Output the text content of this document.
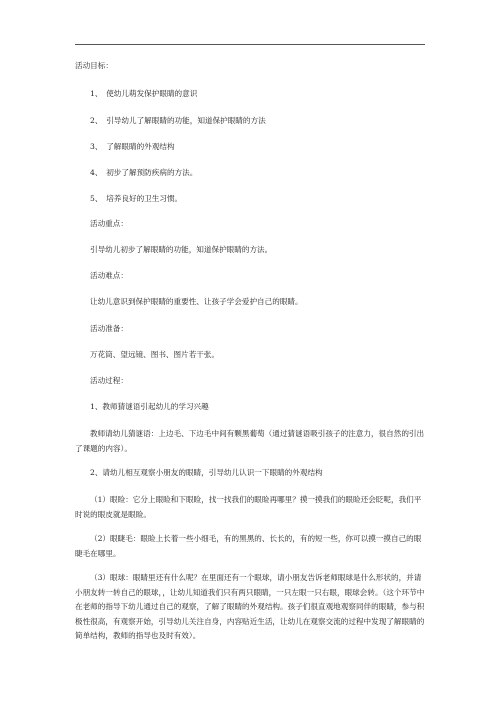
活动目标：
1、　使幼儿萌发保护眼睛的意识
2、　引导幼儿了解眼睛的功能，知道保护眼睛的方法
3、　了解眼睛的外观结构
4、　初步了解预防疾病的方法。
5、　培养良好的卫生习惯。
活动重点：
引导幼儿初步了解眼睛的功能，知道保护眼睛的方法。
活动难点：
让幼儿意识到保护眼睛的重要性、让孩子学会爱护自己的眼睛。
活动准备：
万花筒、望远镜、图书、图片若干张。
活动过程：
1、教师猜谜语引起幼儿的学习兴趣
教师请幼儿猜谜语：上边毛、下边毛中间有颗黑葡萄（通过猜谜语吸引孩子的注意力，很自然的引出了课题的内容）。
2、请幼儿相互观察小朋友的眼睛，引导幼儿认识一下眼睛的外观结构
（1）眼睑：它分上眼睑和下眼睑，找一找我们的眼睑再哪里？摸一摸我们的眼睑还会眨呢，我们平时说的眼皮就是眼睑。
（2）眼睫毛：眼睑上长着一些小细毛，有的黑黑的、长长的，有的短一些，你可以摸一摸自己的眼睫毛在哪里。
（3）眼球：眼睛里还有什么呢？在里面还有一个眼球，请小朋友告诉老师眼球是什么形状的，并请小朋友转一转自己的眼球，，让幼儿知道我们只有两只眼睛，一只左眼一只右眼，眼球会转。（这个环节中在老师的指导下幼儿通过自己的观察，了解了眼睛的外观结构。孩子们很直观地观察同伴的眼睛，参与积极性很高，有观察开始，引导幼儿关注自身，内容贴近生活，让幼儿在观察交流的过程中发现了解眼睛的简单结构，教师的指导也及时有效）。
